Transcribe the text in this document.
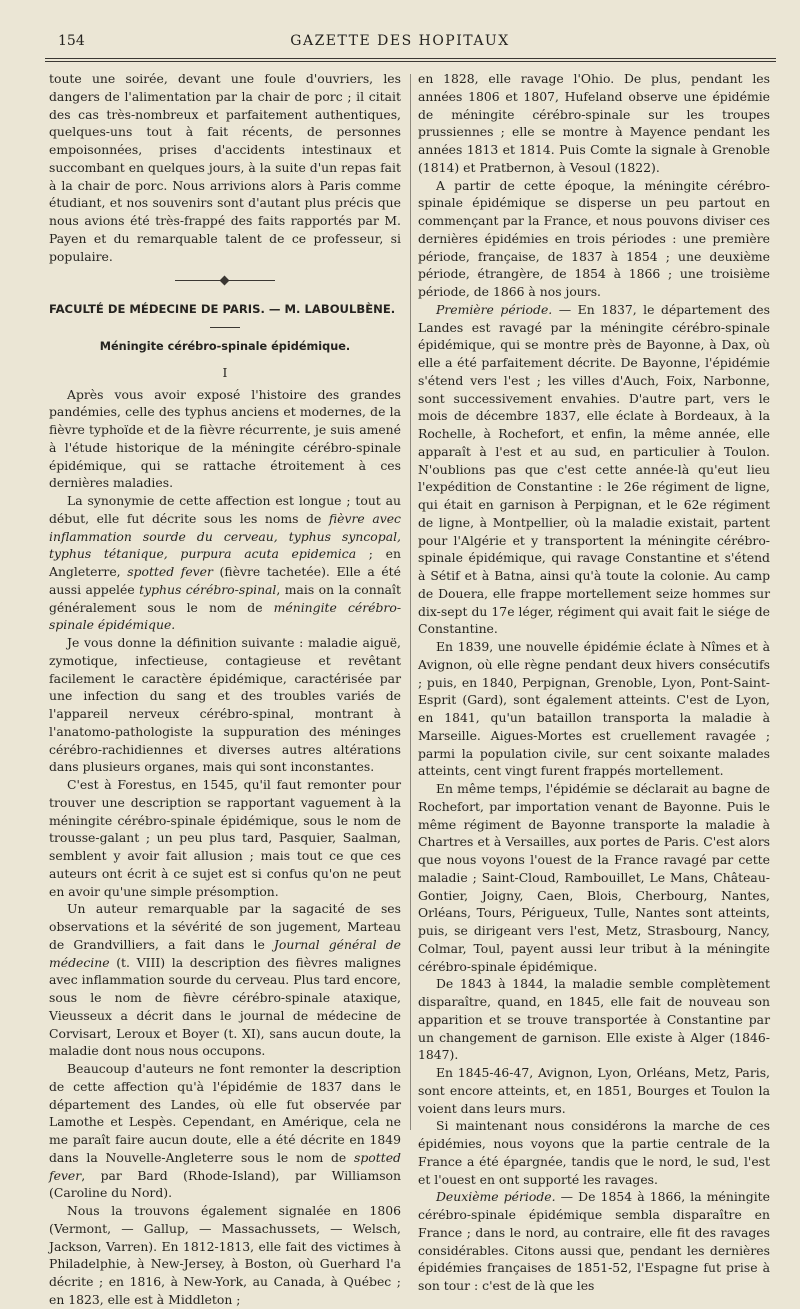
154	GAZETTE DES HOPITAUX

toute une soirée, devant une foule d'ouvriers, les dangers de l'alimentation par la chair de porc ; il citait des cas très-nombreux et parfaitement authentiques, quelques-uns tout à fait récents, de personnes empoisonnées, prises d'accidents intestinaux et succombant en quelques jours, à la suite d'un repas fait à la chair de porc. Nous arrivions alors à Paris comme étudiant, et nos souvenirs sont d'autant plus précis que nous avions été très-frappé des faits rapportés par M. Payen et du remarquable talent de ce professeur, si populaire.

FACULTÉ DE MÉDECINE DE PARIS. — M. LABOULBÈNE.

Méningite cérébro-spinale épidémique.

I

Après vous avoir exposé l'histoire des grandes pandémies, celle des typhus anciens et modernes, de la fièvre typhoïde et de la fièvre récurrente, je suis amené à l'étude historique de la méningite cérébro-spinale épidémique, qui se rattache étroitement à ces dernières maladies.

La synonymie de cette affection est longue ; tout au début, elle fut décrite sous les noms de fièvre avec inflammation sourde du cerveau, typhus syncopal, typhus tétanique, purpura acuta epidemica ; en Angleterre, spotted fever (fièvre tachetée). Elle a été aussi appelée typhus cérébro-spinal, mais on la connaît généralement sous le nom de méningite cérébro-spinale épidémique.

Je vous donne la définition suivante : maladie aiguë, zymotique, infectieuse, contagieuse et revêtant facilement le caractère épidémique, caractérisée par une infection du sang et des troubles variés de l'appareil nerveux cérébro-spinal, montrant à l'anatomo-pathologiste la suppuration des méninges cérébro-rachidiennes et diverses autres altérations dans plusieurs organes, mais qui sont inconstantes.

C'est à Forestus, en 1545, qu'il faut remonter pour trouver une description se rapportant vaguement à la méningite cérébro-spinale épidémique, sous le nom de trousse-galant ; un peu plus tard, Pasquier, Saalman, semblent y avoir fait allusion ; mais tout ce que ces auteurs ont écrit à ce sujet est si confus qu'on ne peut en avoir qu'une simple présomption.

Un auteur remarquable par la sagacité de ses observations et la sévérité de son jugement, Marteau de Grandvilliers, a fait dans le Journal général de médecine (t. VIII) la description des fièvres malignes avec inflammation sourde du cerveau. Plus tard encore, sous le nom de fièvre cérébro-spinale ataxique, Vieusseux a décrit dans le journal de médecine de Corvisart, Leroux et Boyer (t. XI), sans aucun doute, la maladie dont nous nous occupons.

Beaucoup d'auteurs ne font remonter la description de cette affection qu'à l'épidémie de 1837 dans le département des Landes, où elle fut observée par Lamothe et Lespès. Cependant, en Amérique, cela ne me paraît faire aucun doute, elle a été décrite en 1849 dans la Nouvelle-Angleterre sous le nom de spotted fever, par Bard (Rhode-Island), par Williamson (Caroline du Nord).

Nous la trouvons également signalée en 1806 (Vermont, — Gallup, — Massachussets, — Welsch, Jackson, Varren). En 1812-1813, elle fait des victimes à Philadelphie, à New-Jersey, à Boston, où Guerhard l'a décrite ; en 1816, à New-York, au Canada, à Québec ; en 1823, elle est à Middleton ;

en 1828, elle ravage l'Ohio. De plus, pendant les années 1806 et 1807, Hufeland observe une épidémie de méningite cérébro-spinale sur les troupes prussiennes ; elle se montre à Mayence pendant les années 1813 et 1814. Puis Comte la signale à Grenoble (1814) et Pratbernon, à Vesoul (1822).

A partir de cette époque, la méningite cérébro-spinale épidémique se disperse un peu partout en commençant par la France, et nous pouvons diviser ces dernières épidémies en trois périodes : une première période, française, de 1837 à 1854 ; une deuxième période, étrangère, de 1854 à 1866 ; une troisième période, de 1866 à nos jours.

Première période. — En 1837, le département des Landes est ravagé par la méningite cérébro-spinale épidémique, qui se montre près de Bayonne, à Dax, où elle a été parfaitement décrite. De Bayonne, l'épidémie s'étend vers l'est ; les villes d'Auch, Foix, Narbonne, sont successivement envahies. D'autre part, vers le mois de décembre 1837, elle éclate à Bordeaux, à la Rochelle, à Rochefort, et enfin, la même année, elle apparaît à l'est et au sud, en particulier à Toulon. N'oublions pas que c'est cette année-là qu'eut lieu l'expédition de Constantine : le 26e régiment de ligne, qui était en garnison à Perpignan, et le 62e régiment de ligne, à Montpellier, où la maladie existait, partent pour l'Algérie et y transportent la méningite cérébro-spinale épidémique, qui ravage Constantine et s'étend à Sétif et à Batna, ainsi qu'à toute la colonie. Au camp de Douera, elle frappe mortellement seize hommes sur dix-sept du 17e léger, régiment qui avait fait le siége de Constantine.

En 1839, une nouvelle épidémie éclate à Nîmes et à Avignon, où elle règne pendant deux hivers consécutifs ; puis, en 1840, Perpignan, Grenoble, Lyon, Pont-Saint-Esprit (Gard), sont également atteints. C'est de Lyon, en 1841, qu'un bataillon transporta la maladie à Marseille. Aigues-Mortes est cruellement ravagée ; parmi la population civile, sur cent soixante malades atteints, cent vingt furent frappés mortellement.

En même temps, l'épidémie se déclarait au bagne de Rochefort, par importation venant de Bayonne. Puis le même régiment de Bayonne transporte la maladie à Chartres et à Versailles, aux portes de Paris. C'est alors que nous voyons l'ouest de la France ravagé par cette maladie ; Saint-Cloud, Rambouillet, Le Mans, Château-Gontier, Joigny, Caen, Blois, Cherbourg, Nantes, Orléans, Tours, Périgueux, Tulle, Nantes sont atteints, puis, se dirigeant vers l'est, Metz, Strasbourg, Nancy, Colmar, Toul, payent aussi leur tribut à la méningite cérébro-spinale épidémique.

De 1843 à 1844, la maladie semble complètement disparaître, quand, en 1845, elle fait de nouveau son apparition et se trouve transportée à Constantine par un changement de garnison. Elle existe à Alger (1846-1847).

En 1845-46-47, Avignon, Lyon, Orléans, Metz, Paris, sont encore atteints, et, en 1851, Bourges et Toulon la voient dans leurs murs.

Si maintenant nous considérons la marche de ces épidémies, nous voyons que la partie centrale de la France a été épargnée, tandis que le nord, le sud, l'est et l'ouest en ont supporté les ravages.

Deuxième période. — De 1854 à 1866, la méningite cérébro-spinale épidémique sembla disparaître en France ; dans le nord, au contraire, elle fit des ravages considérables. Citons aussi que, pendant les dernières épidémies françaises de 1851-52, l'Espagne fut prise à son tour : c'est de là que les
